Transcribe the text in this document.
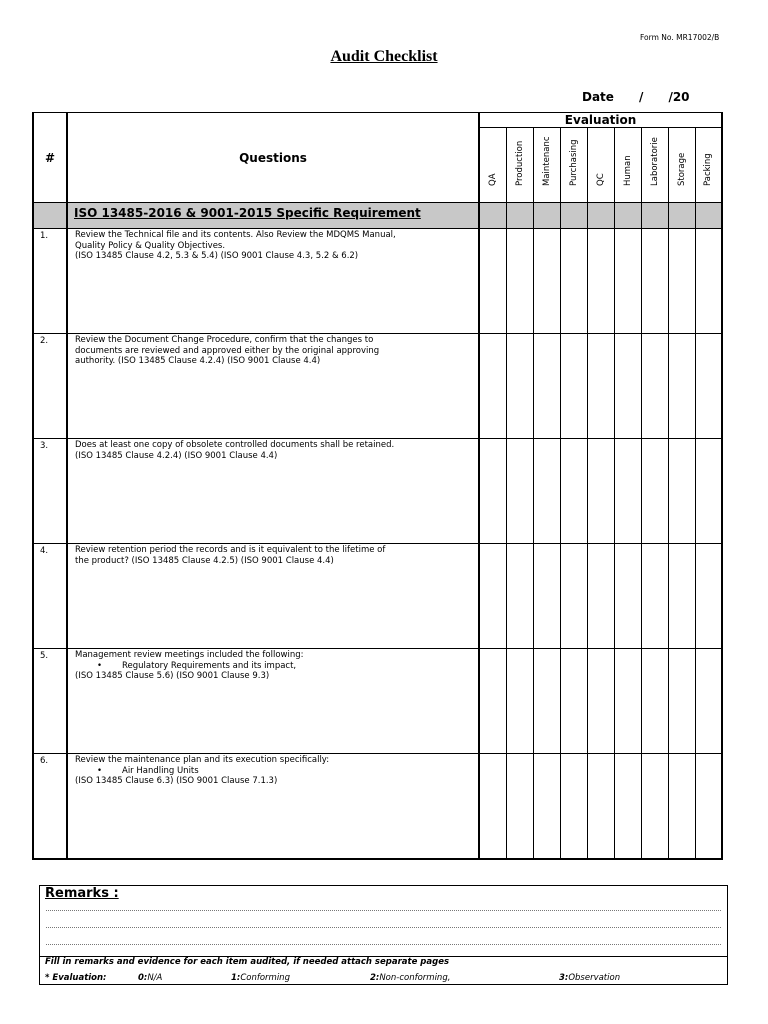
Form No. MR17002/B
Audit Checklist
Date      /      /20
#	Questions	Evaluation								

		QA	Production	Maintenanc	Purchasing	QC	Human	Laboratorie	Storage	Packing

	ISO 13485-2016 & 9001-2015 Specific Requirement									
1.	Review the Technical file and its contents. Also Review the MDQMS Manual,
Quality Policy & Quality Objectives.
(ISO 13485 Clause 4.2, 5.3 & 5.4) (ISO 9001 Clause 4.3, 5.2 & 6.2)									

2.	Review the Document Change Procedure, confirm that the changes to
documents are reviewed and approved either by the original approving
authority. (ISO 13485 Clause 4.2.4) (ISO 9001 Clause 4.4)									

3.	Does at least one copy of obsolete controlled documents shall be retained.
(ISO 13485 Clause 4.2.4) (ISO 9001 Clause 4.4)									

4.	Review retention period the records and is it equivalent to the lifetime of
the product? (ISO 13485 Clause 4.2.5) (ISO 9001 Clause 4.4)									

5.	Management review meetings included the following:
• Regulatory Requirements and its impact,
(ISO 13485 Clause 5.6) (ISO 9001 Clause 9.3)

6.	Review the maintenance plan and its execution specifically:
• Air Handling Units
(ISO 13485 Clause 6.3) (ISO 9001 Clause 7.1.3)

Remarks :
Fill in remarks and evidence for each item audited, if needed attach separate pages
* Evaluation:	0:N/A	1:Conforming	2:Non-conforming,	3:Observation
